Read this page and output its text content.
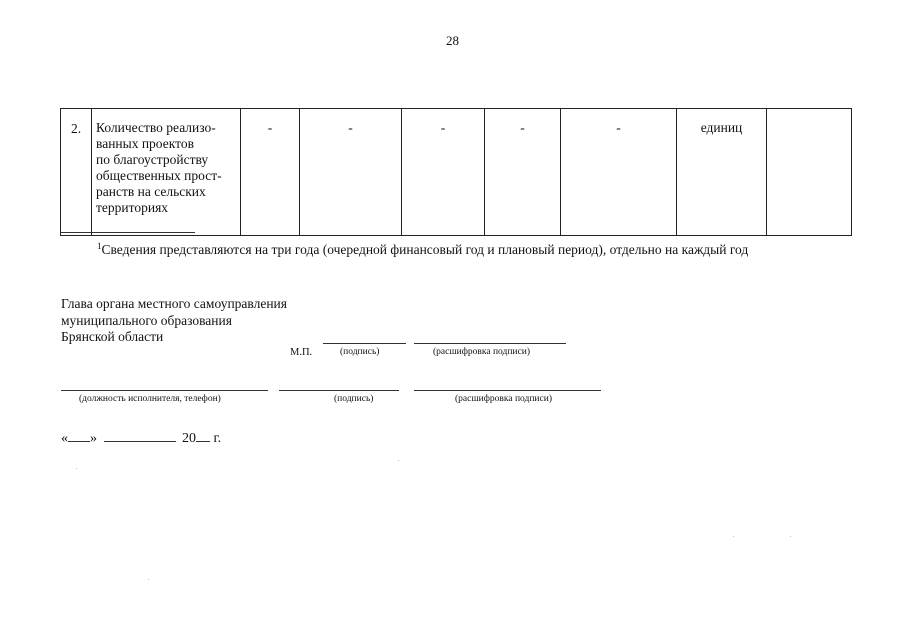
28
2.	Количество реализо-
ванных проектов
по благоустройству
общественных прост-
ранств на сельских
территориях
	-	-	-	-	-	единиц	
$^1$Сведения представляются на три года (очередной финансовый год и плановый период), отдельно на каждый год
Глава органа местного самоуправления
муниципального образования
Брянской области
М.П.	(подпись)	(расшифровка подписи)
(должность исполнителя, телефон)	(подпись)	(расшифровка подписи)
« »	20 г.
